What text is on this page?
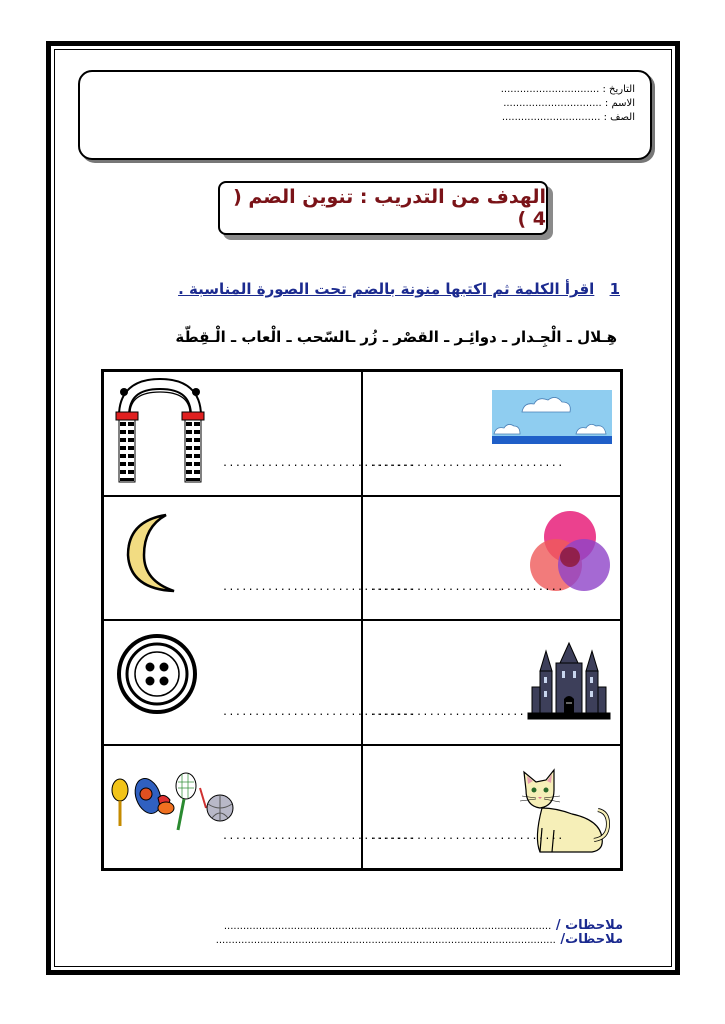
التاريخ : ...............................
الاسم : ...............................
الصف : ...............................
الهدف من التدريب : تنوين الضم ( 4 )
1 اقرأ الكلمة ثم اكتبها منونة بالضم تحت الصورة المناسبة .
هِـلال ـ الْجِـدار ـ دوائِـر ـ القصْر ـ زُر ـالسّحب ـ الْعاب ـ الْـقِطّة
..............................
..............................
..............................
..............................
..............................
..............................
..............................
..............................
ملاحظات / .......................................................................................................
ملاحظات/ ...........................................................................................................
